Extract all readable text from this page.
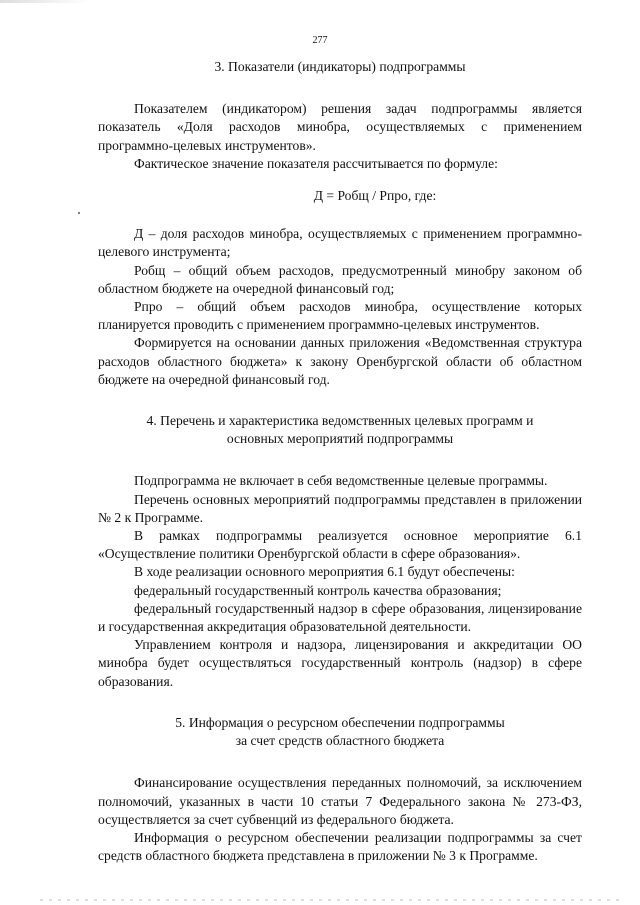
277

3. Показатели (индикаторы) подпрограммы

Показателем (индикатором) решения задач подпрограммы является показатель «Доля расходов минобра, осуществляемых с применением программно-целевых инструментов».

Фактическое значение показателя рассчитывается по формуле:

Д = Робщ / Рпро, где:

Д – доля расходов минобра, осуществляемых с применением программно-целевого инструмента;

Робщ – общий объем расходов, предусмотренный минобру законом об областном бюджете на очередной финансовый год;

Рпро – общий объем расходов минобра, осуществление которых планируется проводить с применением программно-целевых инструментов.

Формируется на основании данных приложения «Ведомственная структура расходов областного бюджета» к закону Оренбургской области об областном бюджете на очередной финансовый год.

4. Перечень и характеристика ведомственных целевых программ и

основных мероприятий подпрограммы

Подпрограмма не включает в себя ведомственные целевые программы.

Перечень основных мероприятий подпрограммы представлен в приложении № 2 к Программе.

В рамках подпрограммы реализуется основное мероприятие 6.1 «Осуществление политики Оренбургской области в сфере образования».

В ходе реализации основного мероприятия 6.1 будут обеспечены:

федеральный государственный контроль качества образования;

федеральный государственный надзор в сфере образования, лицензирование и государственная аккредитация образовательной деятельности.

Управлением контроля и надзора, лицензирования и аккредитации ОО минобра будет осуществляться государственный контроль (надзор) в сфере образования.

5. Информация о ресурсном обеспечении подпрограммы

за счет средств областного бюджета

Финансирование осуществления переданных полномочий, за исключением полномочий, указанных в части 10 статьи 7 Федерального закона № 273-ФЗ, осуществляется за счет субвенций из федерального бюджета.

Информация о ресурсном обеспечении реализации подпрограммы за счет средств областного бюджета представлена в приложении № 3 к Программе.
